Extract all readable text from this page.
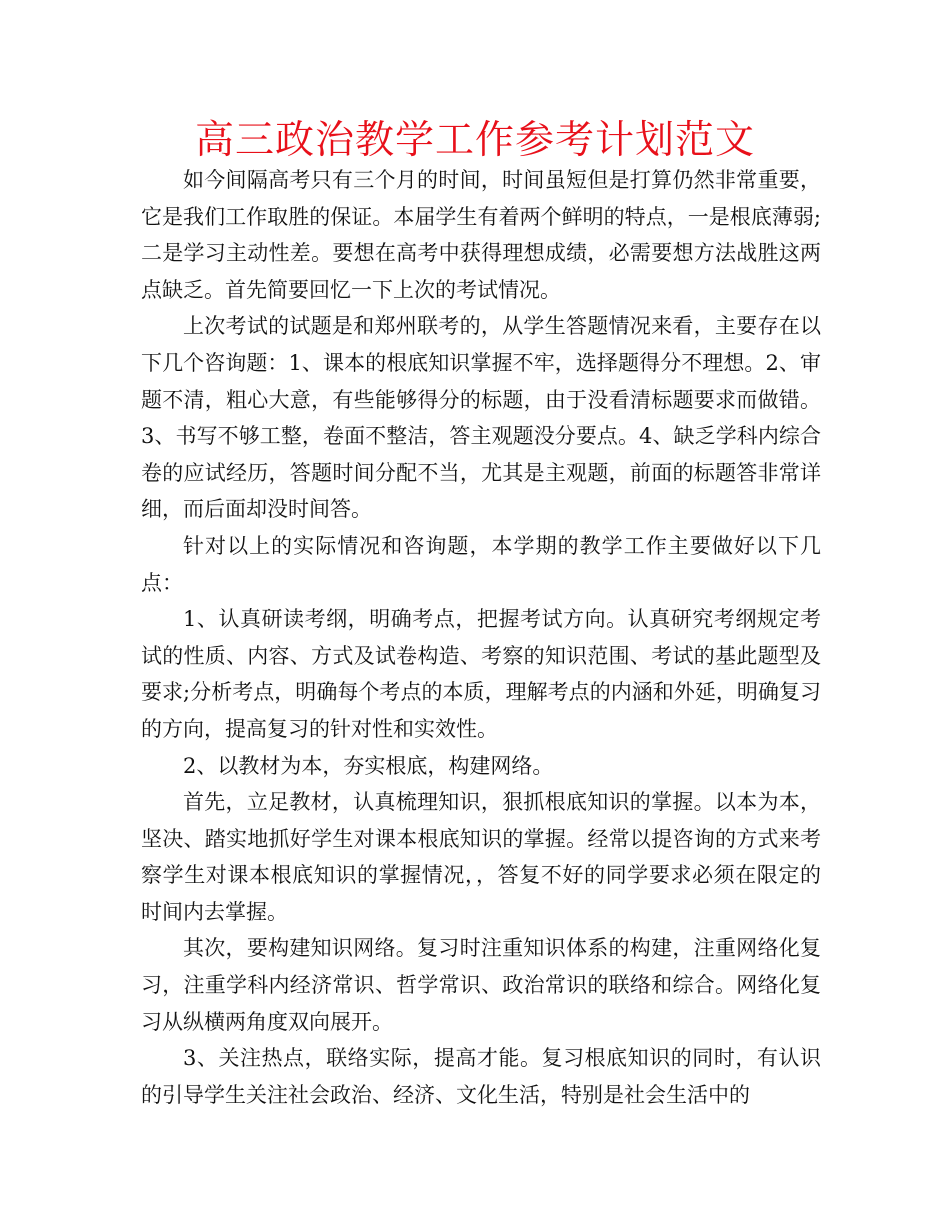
高三政治教学工作参考计划范文

如今间隔高考只有三个月的时间，时间虽短但是打算仍然非常重要，它是我们工作取胜的保证。本届学生有着两个鲜明的特点，一是根底薄弱;二是学习主动性差。要想在高考中获得理想成绩，必需要想方法战胜这两点缺乏。首先简要回忆一下上次的考试情况。

上次考试的试题是和郑州联考的，从学生答题情况来看，主要存在以下几个咨询题：1、课本的根底知识掌握不牢，选择题得分不理想。2、审题不清，粗心大意，有些能够得分的标题，由于没看清标题要求而做错。3、书写不够工整，卷面不整洁，答主观题没分要点。4、缺乏学科内综合卷的应试经历，答题时间分配不当，尤其是主观题，前面的标题答非常详细，而后面却没时间答。

针对以上的实际情况和咨询题，本学期的教学工作主要做好以下几点：

1、认真研读考纲，明确考点，把握考试方向。认真研究考纲规定考试的性质、内容、方式及试卷构造、考察的知识范围、考试的基此题型及要求;分析考点，明确每个考点的本质，理解考点的内涵和外延，明确复习的方向，提高复习的针对性和实效性。

2、以教材为本，夯实根底，构建网络。

首先，立足教材，认真梳理知识，狠抓根底知识的掌握。以本为本，坚决、踏实地抓好学生对课本根底知识的掌握。经常以提咨询的方式来考察学生对课本根底知识的掌握情况，，答复不好的同学要求必须在限定的时间内去掌握。

其次，要构建知识网络。复习时注重知识体系的构建，注重网络化复习，注重学科内经济常识、哲学常识、政治常识的联络和综合。网络化复习从纵横两角度双向展开。

3、关注热点，联络实际，提高才能。复习根底知识的同时，有认识的引导学生关注社会政治、经济、文化生活，特别是社会生活中的
